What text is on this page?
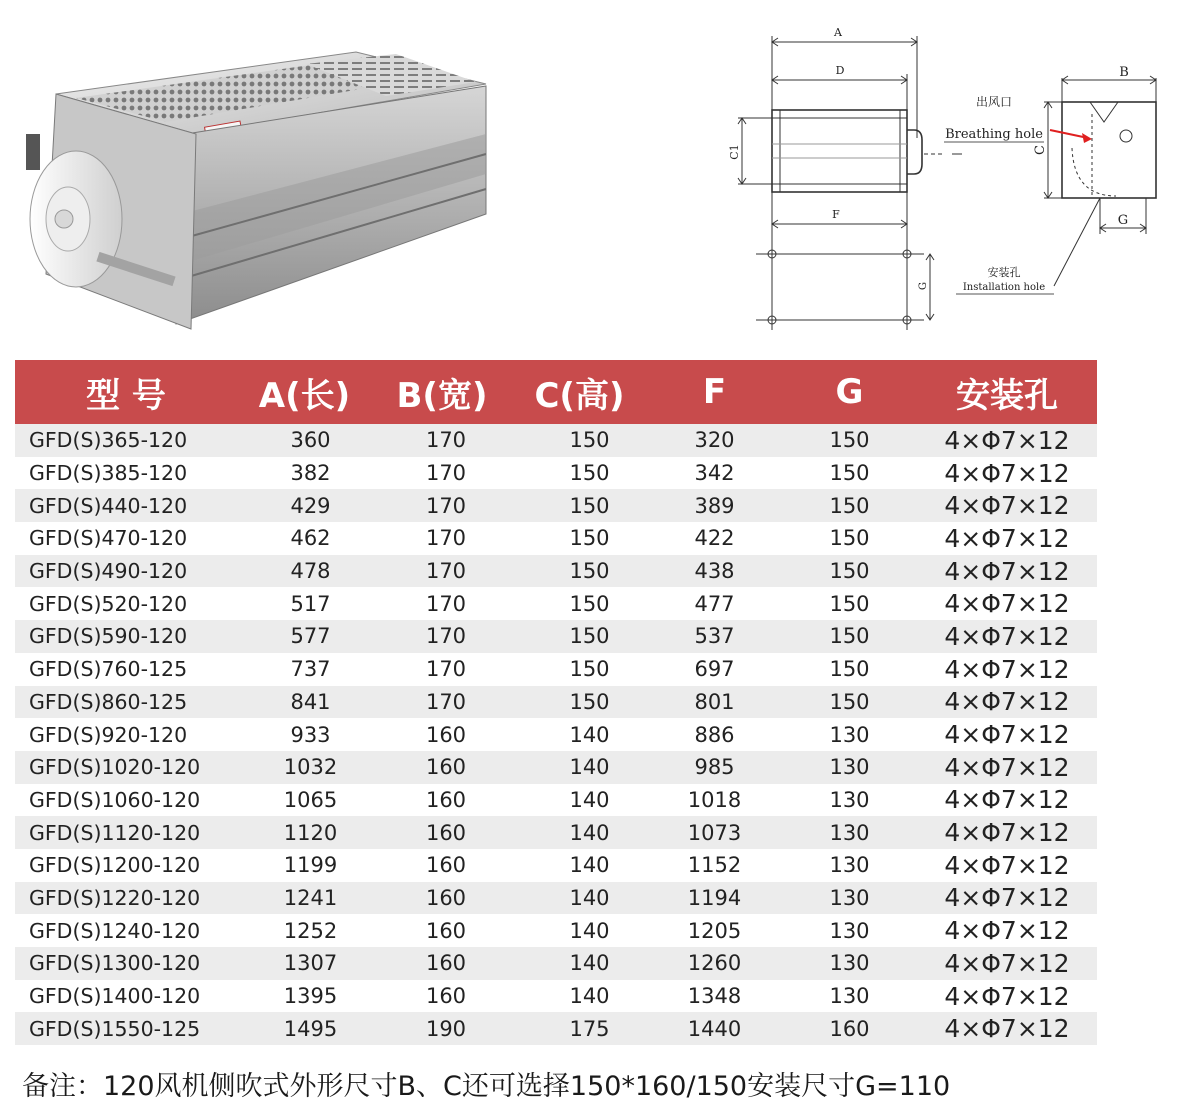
A
D
C1
F
B
C
G
G
出风口
Breathing hole
安装孔
Installation hole
型 号	A(长)	B(宽)	C(高)	F	G	安装孔
GFD(S)365-120	360	170	150	320	150	4×Φ7×12
GFD(S)385-120	382	170	150	342	150	4×Φ7×12
GFD(S)440-120	429	170	150	389	150	4×Φ7×12
GFD(S)470-120	462	170	150	422	150	4×Φ7×12
GFD(S)490-120	478	170	150	438	150	4×Φ7×12
GFD(S)520-120	517	170	150	477	150	4×Φ7×12
GFD(S)590-120	577	170	150	537	150	4×Φ7×12
GFD(S)760-125	737	170	150	697	150	4×Φ7×12
GFD(S)860-125	841	170	150	801	150	4×Φ7×12
GFD(S)920-120	933	160	140	886	130	4×Φ7×12
GFD(S)1020-120	1032	160	140	985	130	4×Φ7×12
GFD(S)1060-120	1065	160	140	1018	130	4×Φ7×12
GFD(S)1120-120	1120	160	140	1073	130	4×Φ7×12
GFD(S)1200-120	1199	160	140	1152	130	4×Φ7×12
GFD(S)1220-120	1241	160	140	1194	130	4×Φ7×12
GFD(S)1240-120	1252	160	140	1205	130	4×Φ7×12
GFD(S)1300-120	1307	160	140	1260	130	4×Φ7×12
GFD(S)1400-120	1395	160	140	1348	130	4×Φ7×12
GFD(S)1550-125	1495	190	175	1440	160	4×Φ7×12
备注：120风机侧吹式外形尺寸B、C还可选择150*160/150安装尺寸G=110
